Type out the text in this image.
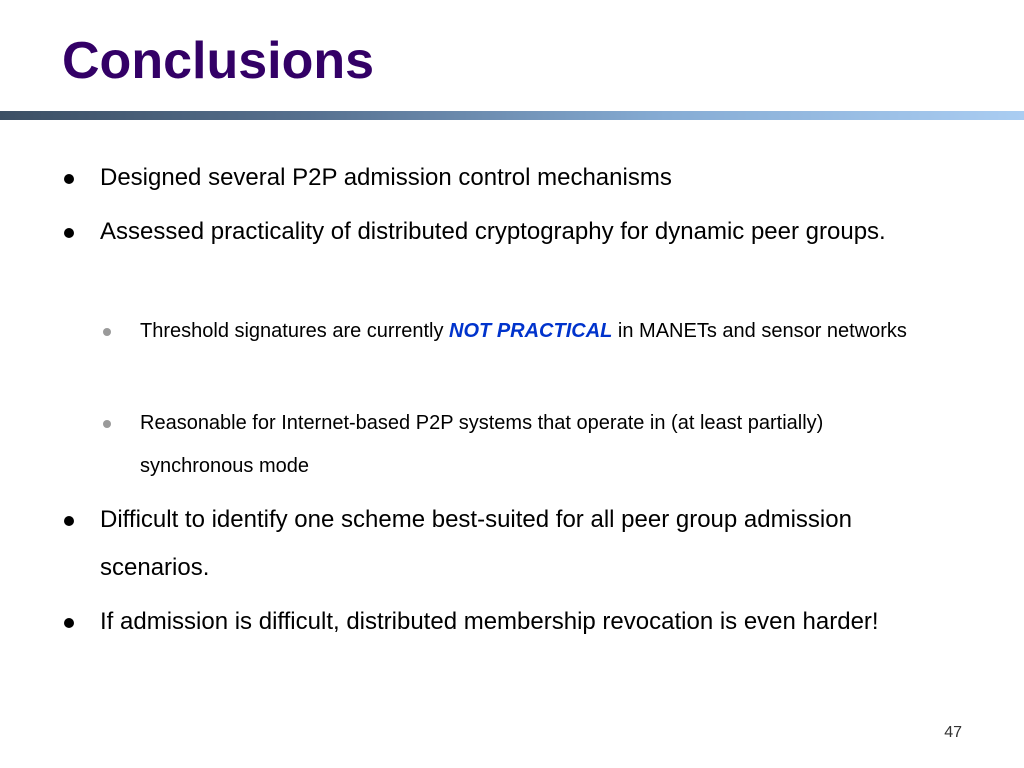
Conclusions
Designed several P2P admission control mechanisms
Assessed practicality of distributed cryptography for dynamic peer groups.
Threshold signatures are currently NOT PRACTICAL in MANETs and sensor networks
Reasonable for Internet-based P2P systems that operate in (at least partially) synchronous mode
Difficult to identify one scheme best-suited for all peer group admission scenarios.
If admission is difficult, distributed membership revocation is even harder!
47
